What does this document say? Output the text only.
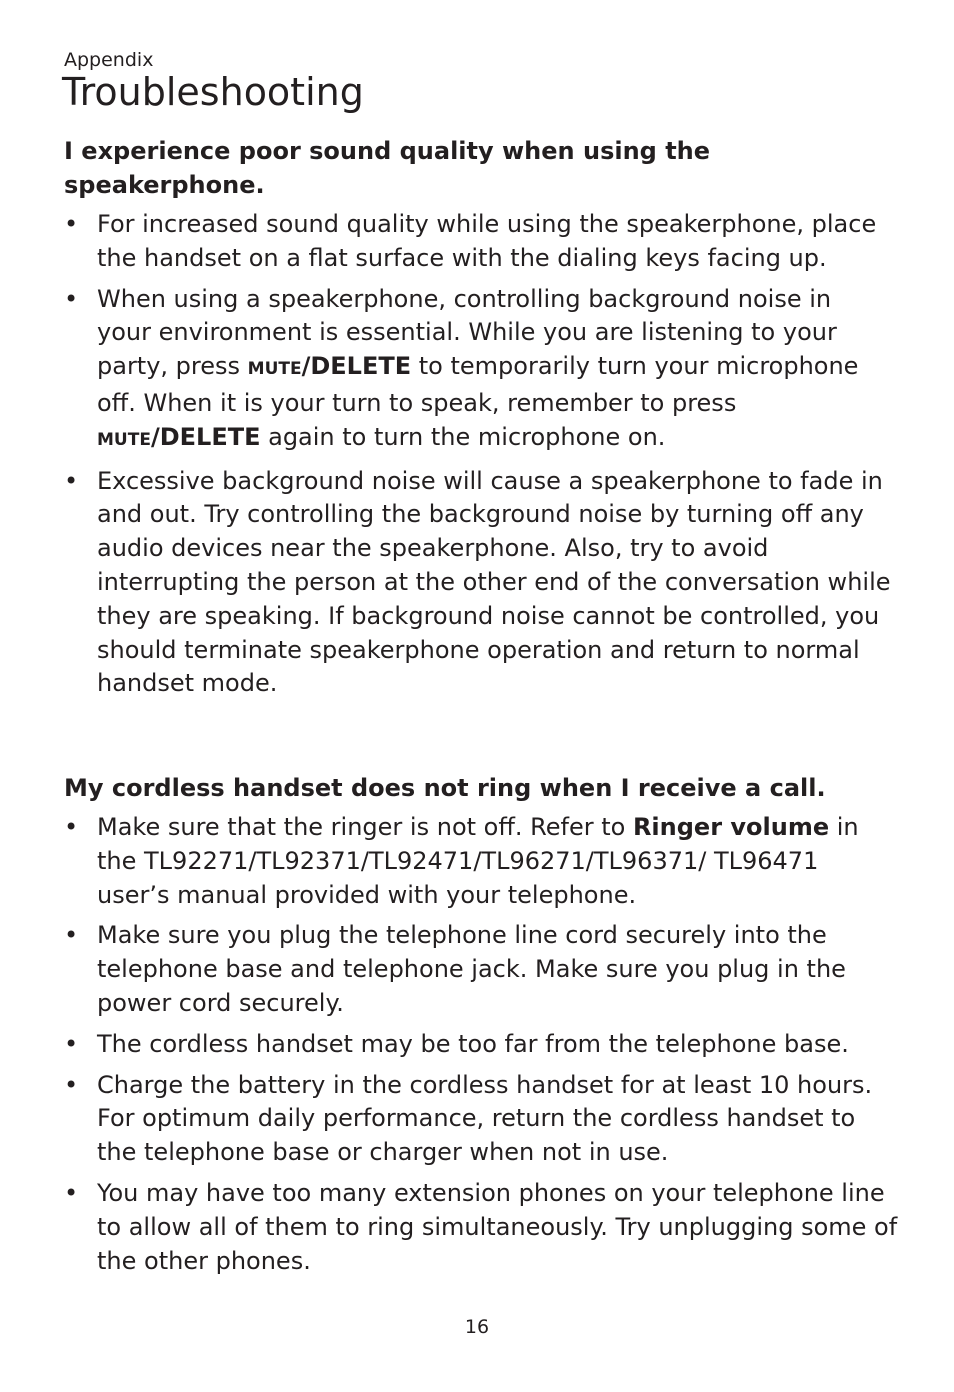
Appendix
Troubleshooting

I experience poor sound quality when using the speakerphone.

• For increased sound quality while using the speakerphone, place the handset on a flat surface with the dialing keys facing up.
• When using a speakerphone, controlling background noise in your environment is essential. While you are listening to your party, press MUTE/DELETE to temporarily turn your microphone off. When it is your turn to speak, remember to press MUTE/DELETE again to turn the microphone on.
• Excessive background noise will cause a speakerphone to fade in and out. Try controlling the background noise by turning off any audio devices near the speakerphone. Also, try to avoid interrupting the person at the other end of the conversation while they are speaking. If background noise cannot be controlled, you should terminate speakerphone operation and return to normal handset mode.

My cordless handset does not ring when I receive a call.

• Make sure that the ringer is not off. Refer to Ringer volume in the TL92271/TL92371/TL92471/TL96271/TL96371/ TL96471 user’s manual provided with your telephone.
• Make sure you plug the telephone line cord securely into the telephone base and telephone jack. Make sure you plug in the power cord securely.
• The cordless handset may be too far from the telephone base.
• Charge the battery in the cordless handset for at least 10 hours. For optimum daily performance, return the cordless handset to the telephone base or charger when not in use.
• You may have too many extension phones on your telephone line to allow all of them to ring simultaneously. Try unplugging some of the other phones.
16
